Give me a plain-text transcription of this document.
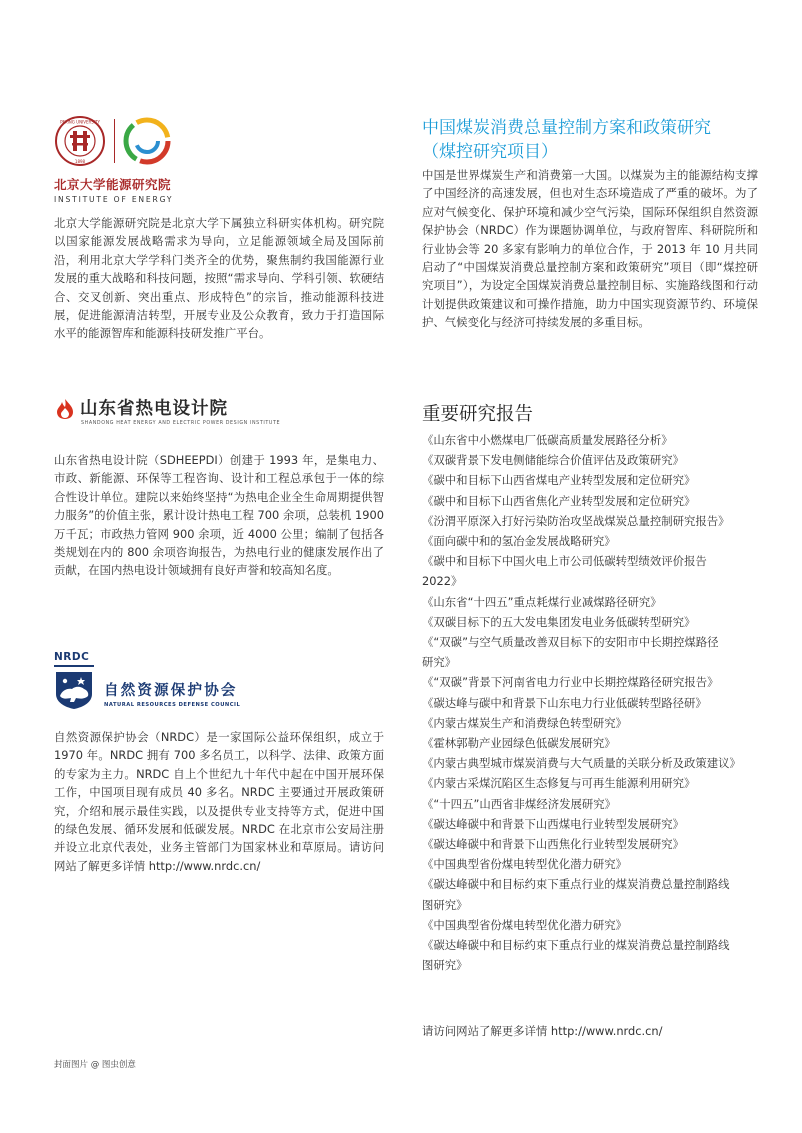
PEKING UNIVERSITY
1898
北京大学能源研究院
INSTITUTE OF ENERGY

北京大学能源研究院是北京大学下属独立科研实体机构。研究院以国家能源发展战略需求为导向，立足能源领域全局及国际前沿，利用北京大学学科门类齐全的优势，聚焦制约我国能源行业发展的重大战略和科技问题，按照“需求导向、学科引领、软硬结合、交叉创新、突出重点、形成特色”的宗旨，推动能源科技进展，促进能源清洁转型，开展专业及公众教育，致力于打造国际水平的能源智库和能源科技研发推广平台。

山东省热电设计院
SHANDONG HEAT ENERGY AND ELECTRIC POWER DESIGN INSTITUTE

山东省热电设计院（SDHEEPDI）创建于 1993 年，是集电力、市政、新能源、环保等工程咨询、设计和工程总承包于一体的综合性设计单位。建院以来始终坚持“为热电企业全生命周期提供智力服务”的价值主张，累计设计热电工程 700 余项，总装机 1900 万千瓦；市政热力管网 900 余项，近 4000 公里；编制了包括各类规划在内的 800 余项咨询报告，为热电行业的健康发展作出了贡献，在国内热电设计领域拥有良好声誉和较高知名度。

NRDC
自然资源保护协会
NATURAL RESOURCES DEFENSE COUNCIL

自然资源保护协会（NRDC）是一家国际公益环保组织，成立于 1970 年。NRDC 拥有 700 多名员工，以科学、法律、政策方面的专家为主力。NRDC 自上个世纪九十年代中起在中国开展环保工作，中国项目现有成员 40 多名。NRDC 主要通过开展政策研究，介绍和展示最佳实践，以及提供专业支持等方式，促进中国的绿色发展、循环发展和低碳发展。NRDC 在北京市公安局注册并设立北京代表处，业务主管部门为国家林业和草原局。请访问网站了解更多详情 http://www.nrdc.cn/

中国煤炭消费总量控制方案和政策研究
（煤控研究项目）

中国是世界煤炭生产和消费第一大国。以煤炭为主的能源结构支撑了中国经济的高速发展，但也对生态环境造成了严重的破坏。为了应对气候变化、保护环境和减少空气污染，国际环保组织自然资源保护协会（NRDC）作为课题协调单位，与政府智库、科研院所和行业协会等 20 多家有影响力的单位合作，于 2013 年 10 月共同启动了“中国煤炭消费总量控制方案和政策研究”项目（即“煤控研究项目”），为设定全国煤炭消费总量控制目标、实施路线图和行动计划提供政策建议和可操作措施，助力中国实现资源节约、环境保护、气候变化与经济可持续发展的多重目标。

重要研究报告
《山东省中小燃煤电厂低碳高质量发展路径分析》
《双碳背景下发电侧储能综合价值评估及政策研究》
《碳中和目标下山西省煤电产业转型发展和定位研究》
《碳中和目标下山西省焦化产业转型发展和定位研究》
《汾渭平原深入打好污染防治攻坚战煤炭总量控制研究报告》
《面向碳中和的氢冶金发展战略研究》
《碳中和目标下中国火电上市公司低碳转型绩效评价报告
2022》
《山东省“十四五”重点耗煤行业减煤路径研究》
《双碳目标下的五大发电集团发电业务低碳转型研究》
《“双碳”与空气质量改善双目标下的安阳市中长期控煤路径
研究》
《“双碳”背景下河南省电力行业中长期控煤路径研究报告》
《碳达峰与碳中和背景下山东电力行业低碳转型路径研》
《内蒙古煤炭生产和消费绿色转型研究》
《霍林郭勒产业园绿色低碳发展研究》
《内蒙古典型城市煤炭消费与大气质量的关联分析及政策建议》
《内蒙古采煤沉陷区生态修复与可再生能源利用研究》
《“十四五”山西省非煤经济发展研究》
《碳达峰碳中和背景下山西煤电行业转型发展研究》
《碳达峰碳中和背景下山西焦化行业转型发展研究》
《中国典型省份煤电转型优化潜力研究》
《碳达峰碳中和目标约束下重点行业的煤炭消费总量控制路线
图研究》
《中国典型省份煤电转型优化潜力研究》
《碳达峰碳中和目标约束下重点行业的煤炭消费总量控制路线
图研究》
请访问网站了解更多详情 http://www.nrdc.cn/
封面图片 @ 图虫创意
